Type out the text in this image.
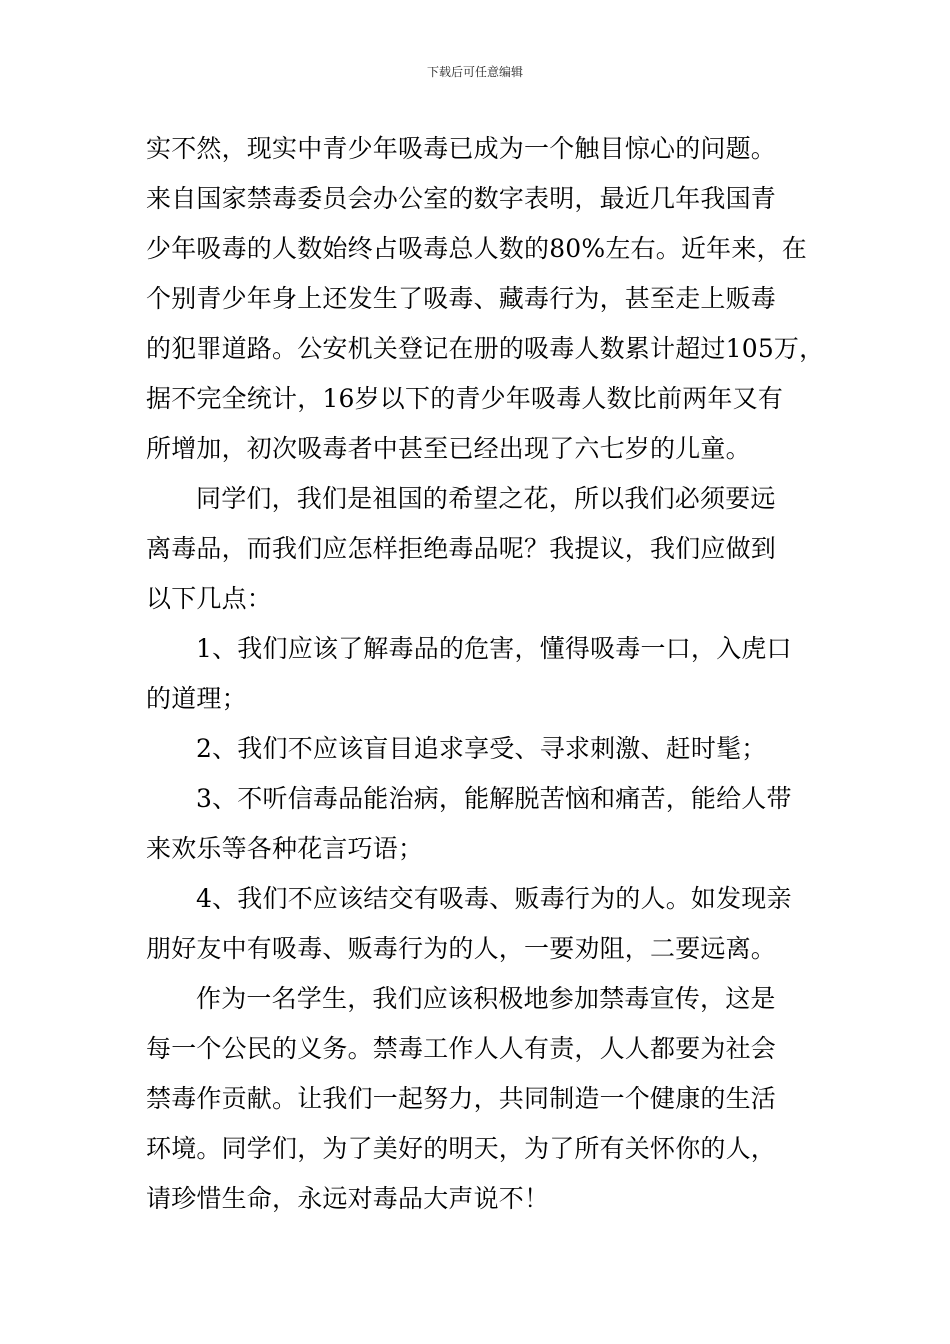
下载后可任意编辑
实不然，现实中青少年吸毒已成为一个触目惊心的问题。
来自国家禁毒委员会办公室的数字表明，最近几年我国青
少年吸毒的人数始终占吸毒总人数的80%左右。近年来，在
个别青少年身上还发生了吸毒、藏毒行为，甚至走上贩毒
的犯罪道路。公安机关登记在册的吸毒人数累计超过105万，
据不完全统计，16岁以下的青少年吸毒人数比前两年又有
所增加，初次吸毒者中甚至已经出现了六七岁的儿童。
同学们，我们是祖国的希望之花，所以我们必须要远
离毒品，而我们应怎样拒绝毒品呢？我提议，我们应做到
以下几点：
1、我们应该了解毒品的危害，懂得吸毒一口，入虎口
的道理；
2、我们不应该盲目追求享受、寻求刺激、赶时髦；
3、不听信毒品能治病，能解脱苦恼和痛苦，能给人带
来欢乐等各种花言巧语；
4、我们不应该结交有吸毒、贩毒行为的人。如发现亲
朋好友中有吸毒、贩毒行为的人，一要劝阻，二要远离。
作为一名学生，我们应该积极地参加禁毒宣传，这是
每一个公民的义务。禁毒工作人人有责，人人都要为社会
禁毒作贡献。让我们一起努力，共同制造一个健康的生活
环境。同学们，为了美好的明天，为了所有关怀你的人，
请珍惜生命，永远对毒品大声说不！
